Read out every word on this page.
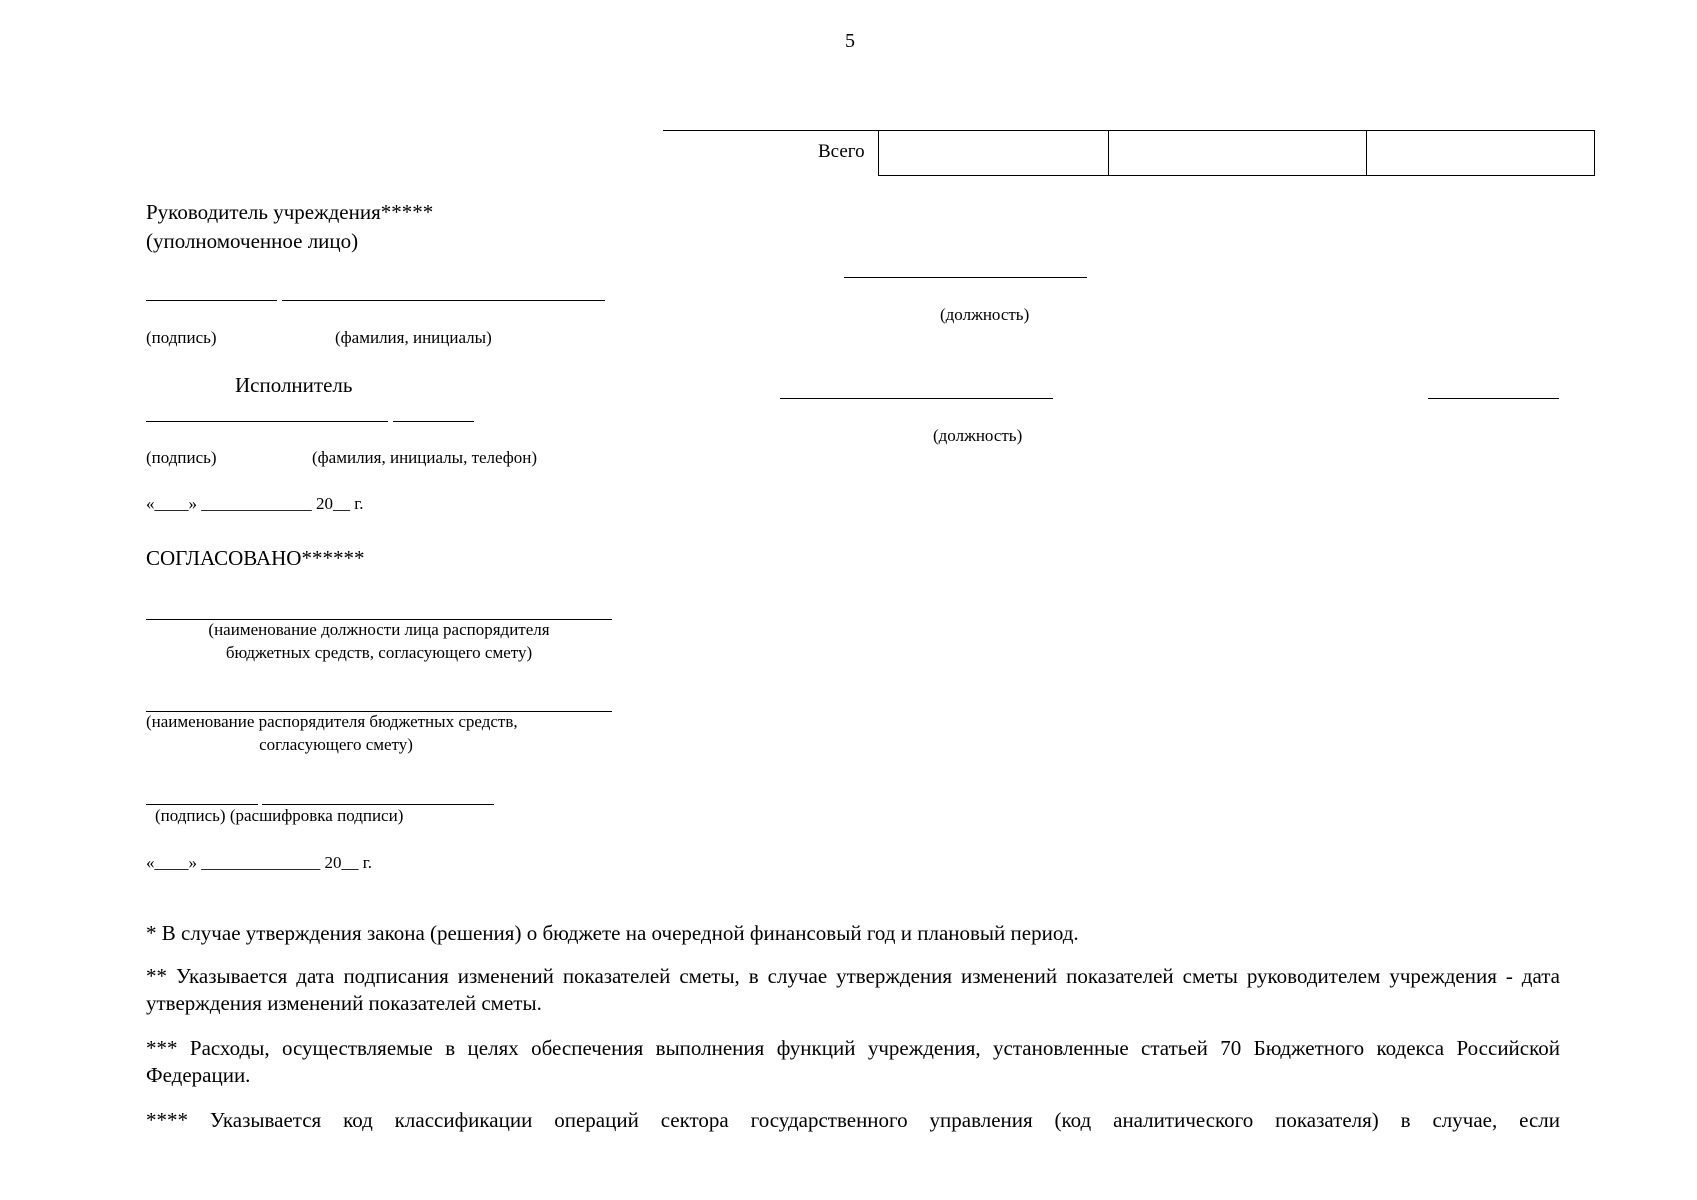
5
Всего

Руководитель учреждения*****
(уполномоченное лицо)
(подпись)	(фамилия, инициалы)
(должность)
Исполнитель
(подпись)	(фамилия, инициалы, телефон)
(должность)
«____» _____________ 20__ г.
СОГЛАСОВАНО******
(наименование должности лица распорядителя
бюджетных средств, согласующего смету)
(наименование распорядителя бюджетных средств,
согласующего смету)
(подпись) (расшифровка подписи)
«____» ______________ 20__ г.
* В случае утверждения закона (решения) о бюджете на очередной финансовый год и плановый период.
** Указывается дата подписания изменений показателей сметы, в случае утверждения изменений показателей сметы руководителем учреждения - дата утверждения изменений показателей сметы.
*** Расходы, осуществляемые в целях обеспечения выполнения функций учреждения, установленные статьей 70 Бюджетного кодекса Российской Федерации.
**** Указывается код классификации операций сектора государственного управления (код аналитического показателя) в случае, если
